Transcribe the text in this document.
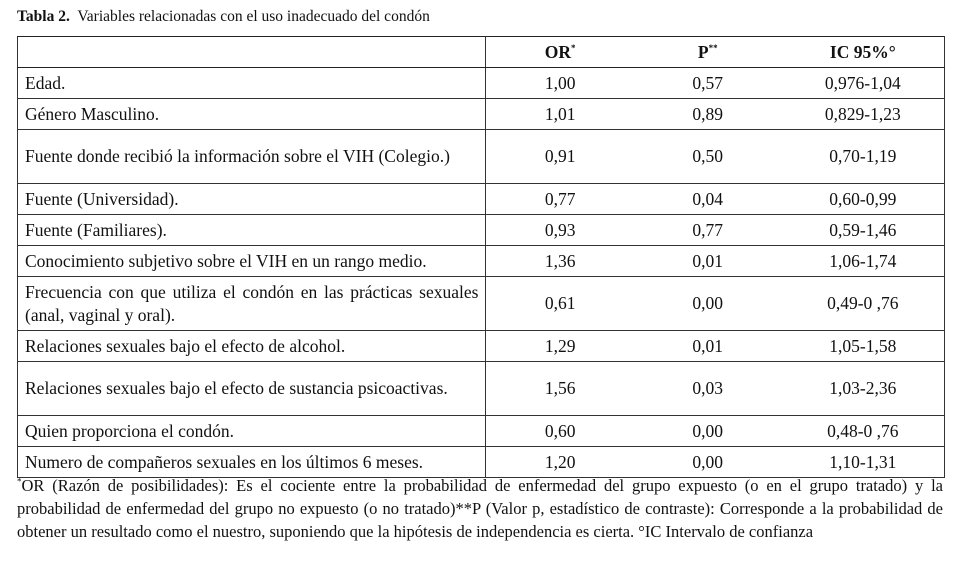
Tabla 2. Variables relacionadas con el uso inadecuado del condón
	OR*	P**	IC 95%°
Edad.	1,00	0,57	0,976-1,04
Género Masculino.	1,01	0,89	0,829-1,23
Fuente donde recibió la información sobre el VIH (Colegio.)	0,91	0,50	0,70-1,19
Fuente (Universidad).	0,77	0,04	0,60-0,99
Fuente (Familiares).	0,93	0,77	0,59-1,46
Conocimiento subjetivo sobre el VIH en un rango medio.	1,36	0,01	1,06-1,74
Frecuencia con que utiliza el condón en las prácticas sexuales (anal, vaginal y oral).	0,61	0,00	0,49-0 ,76
Relaciones sexuales bajo el efecto de alcohol.	1,29	0,01	1,05-1,58
Relaciones sexuales bajo el efecto de sustancia psicoactivas.	1,56	0,03	1,03-2,36
Quien proporciona el condón.	0,60	0,00	0,48-0 ,76
Numero de compañeros sexuales en los últimos 6 meses.	1,20	0,00	1,10-1,31
*OR (Razón de posibilidades): Es el cociente entre la probabilidad de enfermedad del grupo expuesto (o en el grupo tratado) y la probabilidad de enfermedad del grupo no expuesto (o no tratado)**P (Valor p, estadístico de contraste): Corresponde a la probabilidad de obtener un resultado como el nuestro, suponiendo que la hipótesis de independencia es cierta. °IC Intervalo de confianza
